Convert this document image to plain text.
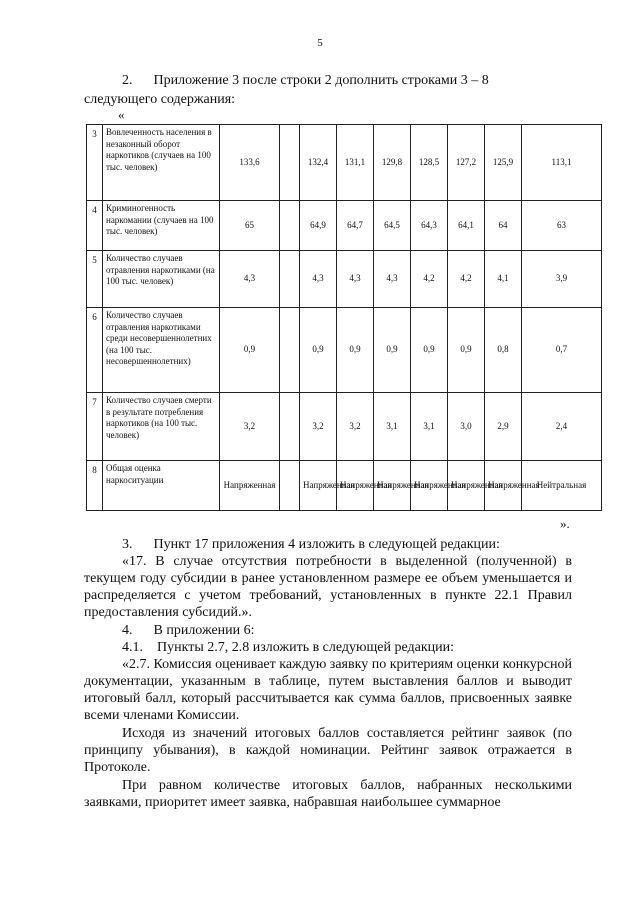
5
2.      Приложение 3 после строки 2 дополнить строками 3 – 8

следующего содержания:
«
3	Вовлеченность населения в незаконный оборот наркотиков (случаев на 100 тыс. человек)	133,6		132,4	131,1	129,8	128,5	127,2	125,9	113,1
4	Криминогенность наркомании (случаев на 100 тыс. человек)	65		64,9	64,7	64,5	64,3	64,1	64	63
5	Количество случаев отравления наркотиками (на 100 тыс. человек)	4,3		4,3	4,3	4,3	4,2	4,2	4,1	3,9
6	Количество случаев отравления наркотиками среди несовершеннолетних (на 100 тыс. несовершеннолетних)	0,9		0,9	0,9	0,9	0,9	0,9	0,8	0,7
7	Количество случаев смерти в результате потребления наркотиков (на 100 тыс. человек)	3,2		3,2	3,2	3,1	3,1	3,0	2,9	2,4
8	Общая оценка наркоситуации	Напряженная		Напряженная	Напряженная	Напряженная	Напряженная	Напряженная	Напряженная	Нейтральная
».
3.      Пункт 17 приложения 4 изложить в следующей редакции:
«17. В случае отсутствия потребности в выделенной (полученной) в текущем году субсидии в ранее установленном размере ее объем уменьшается и распределяется с учетом требований, установленных в пункте 22.1 Правил предоставления субсидий.».
4.      В приложении 6:
4.1.    Пункты 2.7, 2.8 изложить в следующей редакции:
«2.7. Комиссия оценивает каждую заявку по критериям оценки конкурсной документации, указанным в таблице, путем выставления баллов и выводит итоговый балл, который рассчитывается как сумма баллов, присвоенных заявке всеми членами Комиссии.
Исходя из значений итоговых баллов составляется рейтинг заявок (по принципу убывания), в каждой номинации. Рейтинг заявок отражается в Протоколе.
При равном количестве итоговых баллов, набранных несколькими заявками, приоритет имеет заявка, набравшая наибольшее суммарное
